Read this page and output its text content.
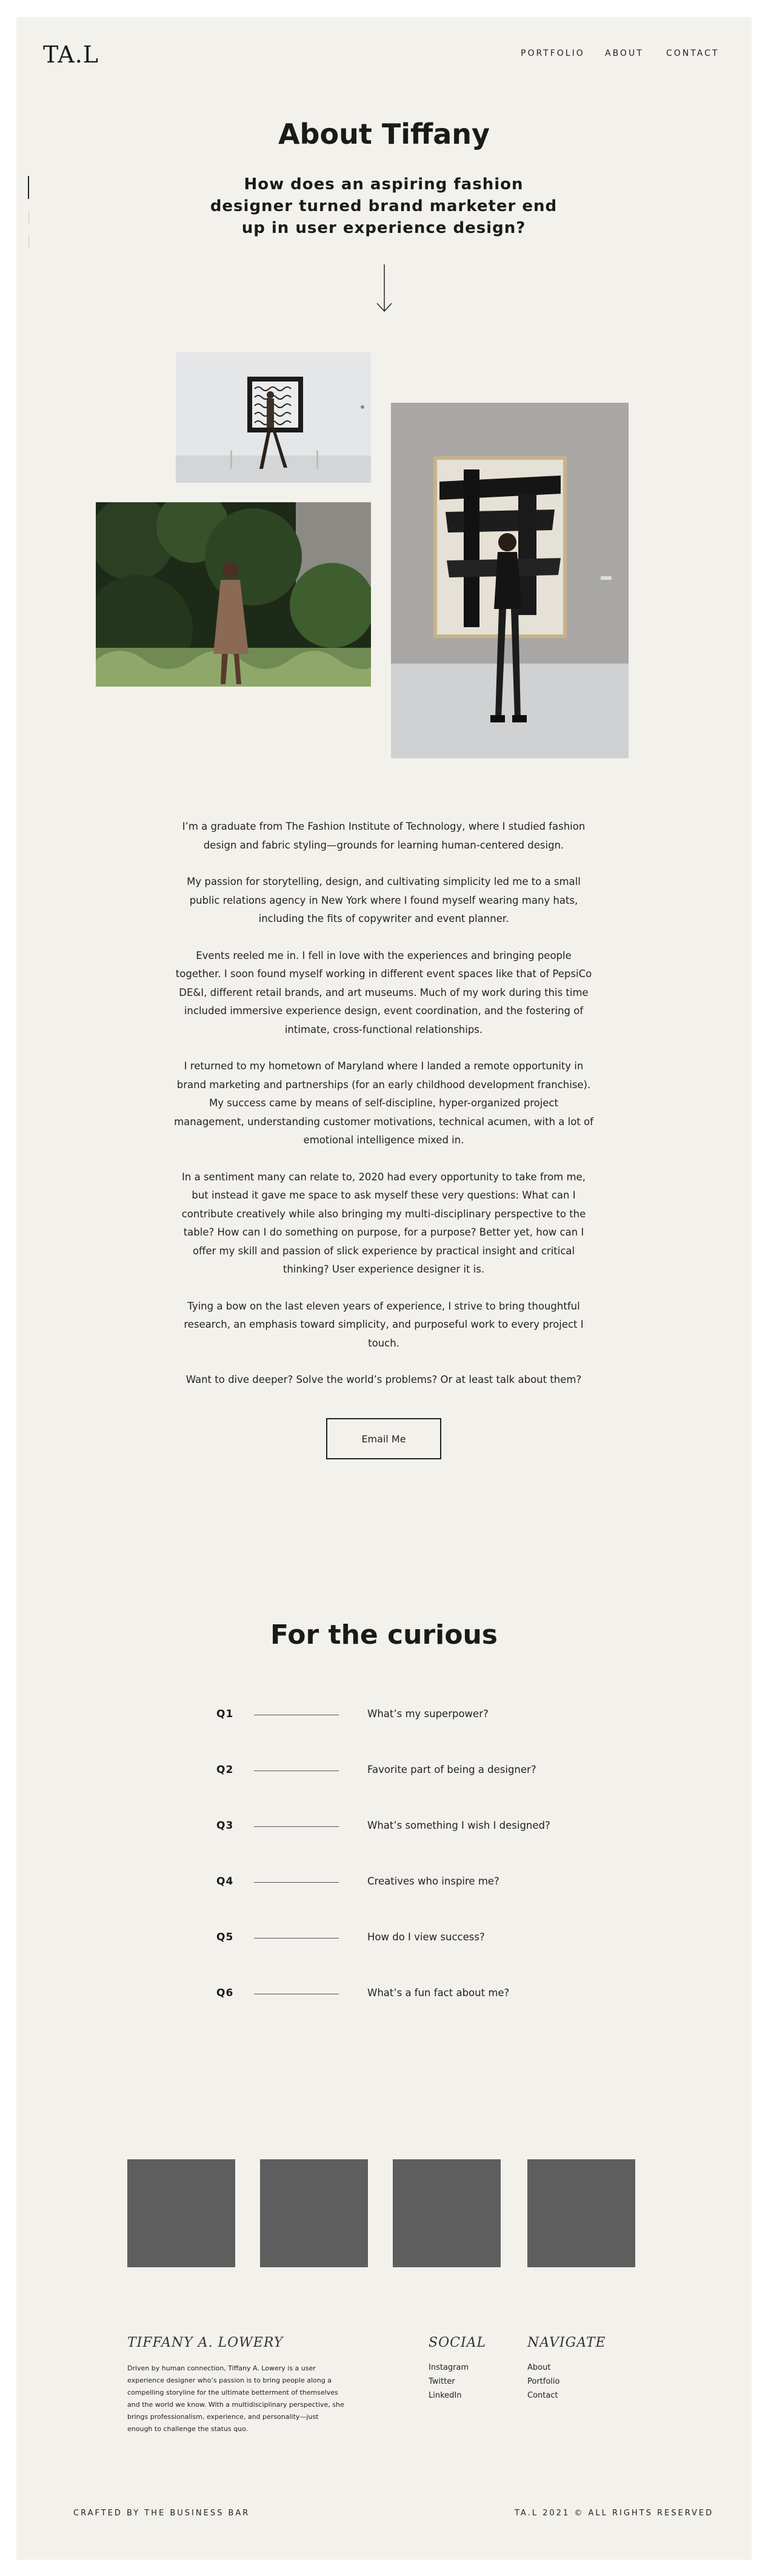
TA.L	PORTFOLIO ABOUT	CONTACT
About Tiffany
How does an aspiring fashion designer turned brand marketer end up in user experience design?

I’m a graduate from The Fashion Institute of Technology, where I studied fashion design and fabric styling—grounds for learning human-centered design.

My passion for storytelling, design, and cultivating simplicity led me to a small public relations agency in New York where I found myself wearing many hats, including the fits of copywriter and event planner.

Events reeled me in. I fell in love with the experiences and bringing people together. I soon found myself working in different event spaces like that of PepsiCo DE&I, different retail brands, and art museums. Much of my work during this time included immersive experience design, event coordination, and the fostering of intimate, cross-functional relationships.

I returned to my hometown of Maryland where I landed a remote opportunity in brand marketing and partnerships (for an early childhood development franchise). My success came by means of self-discipline, hyper-organized project management, understanding customer motivations, technical acumen, with a lot of emotional intelligence mixed in.

In a sentiment many can relate to, 2020 had every opportunity to take from me, but instead it gave me space to ask myself these very questions: What can I contribute creatively while also bringing my multi-disciplinary perspective to the table? How can I do something on purpose, for a purpose? Better yet, how can I offer my skill and passion of slick experience by practical insight and critical thinking? User experience designer it is.

Tying a bow on the last eleven years of experience, I strive to bring thoughtful research, an emphasis toward simplicity, and purposeful work to every project I touch.

Want to dive deeper? Solve the world’s problems? Or at least talk about them?

Email Me
For the curious
Q1	What’s my superpower?
Q2	Favorite part of being a designer?
Q3	What’s something I wish I designed?
Q4	Creatives who inspire me?
Q5	How do I view success?
Q6	What’s a fun fact about me?
TIFFANY A. LOWERY
Driven by human connection, Tiffany A. Lowery is a user experience designer who’s passion is to bring people along a compelling storyline for the ultimate betterment of themselves and the world we know. With a multidisciplinary perspective, she brings professionalism, experience, and personality—just enough to challenge the status quo.
SOCIAL
Instagram
Twitter
LinkedIn
NAVIGATE
About
Portfolio
Contact
CRAFTED BY THE BUSINESS BAR	TA.L 2021 © ALL RIGHTS RESERVED
